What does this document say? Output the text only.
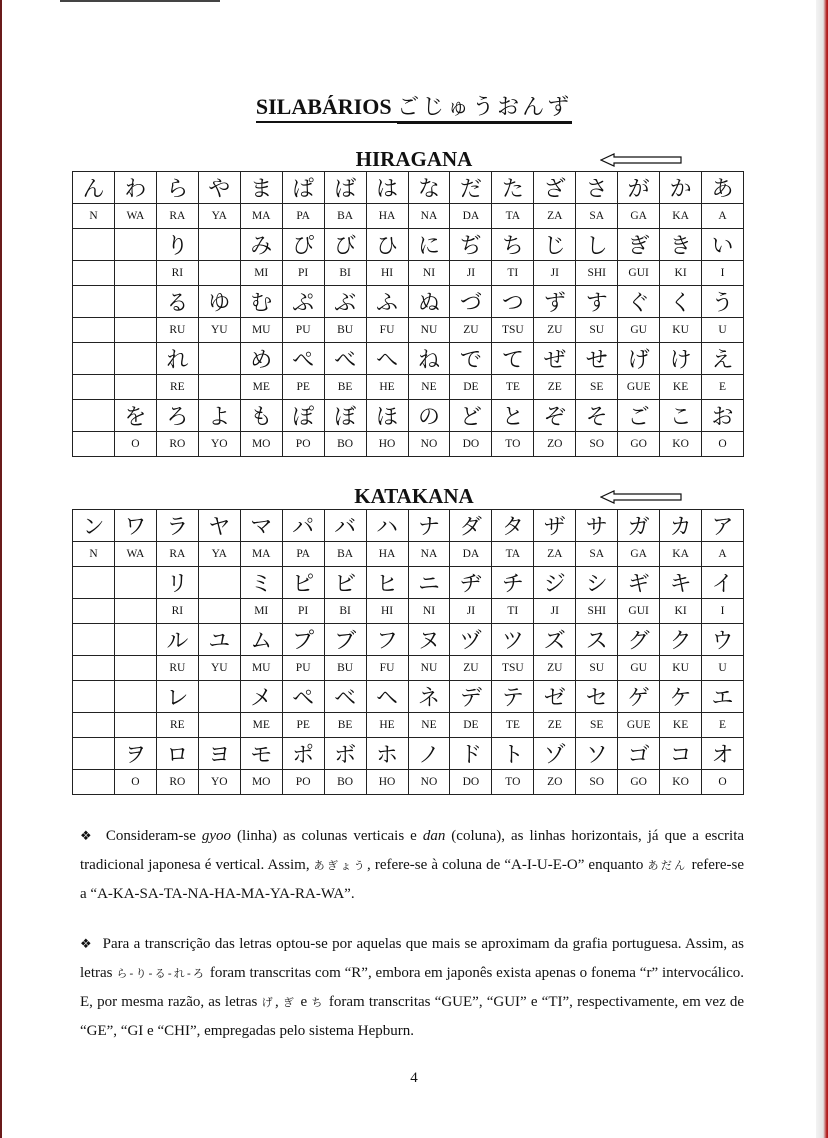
SILABÁRIOS ごじゅうおんず
HIRAGANA
ん	わ	ら	や	ま	ぱ	ば	は	な	だ	た	ざ	さ	が	か	あ
N	WA	RA	YA	MA	PA	BA	HA	NA	DA	TA	ZA	SA	GA	KA	A
		り		み	ぴ	び	ひ	に	ぢ	ち	じ	し	ぎ	き	い
		RI		MI	PI	BI	HI	NI	JI	TI	JI	SHI	GUI	KI	I
		る	ゆ	む	ぷ	ぶ	ふ	ぬ	づ	つ	ず	す	ぐ	く	う
		RU	YU	MU	PU	BU	FU	NU	ZU	TSU	ZU	SU	GU	KU	U
		れ		め	ぺ	べ	へ	ね	で	て	ぜ	せ	げ	け	え
		RE		ME	PE	BE	HE	NE	DE	TE	ZE	SE	GUE	KE	E
	を	ろ	よ	も	ぽ	ぼ	ほ	の	ど	と	ぞ	そ	ご	こ	お
	O	RO	YO	MO	PO	BO	HO	NO	DO	TO	ZO	SO	GO	KO	O
KATAKANA
ン	ワ	ラ	ヤ	マ	パ	バ	ハ	ナ	ダ	タ	ザ	サ	ガ	カ	ア
N	WA	RA	YA	MA	PA	BA	HA	NA	DA	TA	ZA	SA	GA	KA	A
		リ		ミ	ピ	ビ	ヒ	ニ	ヂ	チ	ジ	シ	ギ	キ	イ
		RI		MI	PI	BI	HI	NI	JI	TI	JI	SHI	GUI	KI	I
		ル	ユ	ム	プ	ブ	フ	ヌ	ヅ	ツ	ズ	ス	グ	ク	ウ
		RU	YU	MU	PU	BU	FU	NU	ZU	TSU	ZU	SU	GU	KU	U
		レ		メ	ペ	ベ	ヘ	ネ	デ	テ	ゼ	セ	ゲ	ケ	エ
		RE		ME	PE	BE	HE	NE	DE	TE	ZE	SE	GUE	KE	E
	ヲ	ロ	ヨ	モ	ポ	ボ	ホ	ノ	ド	ト	ゾ	ソ	ゴ	コ	オ
	O	RO	YO	MO	PO	BO	HO	NO	DO	TO	ZO	SO	GO	KO	O
❖ Consideram-se gyoo (linha) as colunas verticais e dan (coluna), as linhas horizontais, já que a escrita tradicional japonesa é vertical. Assim, あぎょう, refere-se à coluna de “A-I-U-E-O” enquanto あだん refere-se a “A-KA-SA-TA-NA-HA-MA-YA-RA-WA”.
❖ Para a transcrição das letras optou-se por aquelas que mais se aproximam da grafia portuguesa. Assim, as letras ら-り-る-れ-ろ foram transcritas com “R”, embora em japonês exista apenas o fonema “r” intervocálico. E, por mesma razão, as letras げ, ぎ e ち foram transcritas “GUE”, “GUI” e “TI”, respectivamente, em vez de “GE”, “GI e “CHI”, empregadas pelo sistema Hepburn.
4
